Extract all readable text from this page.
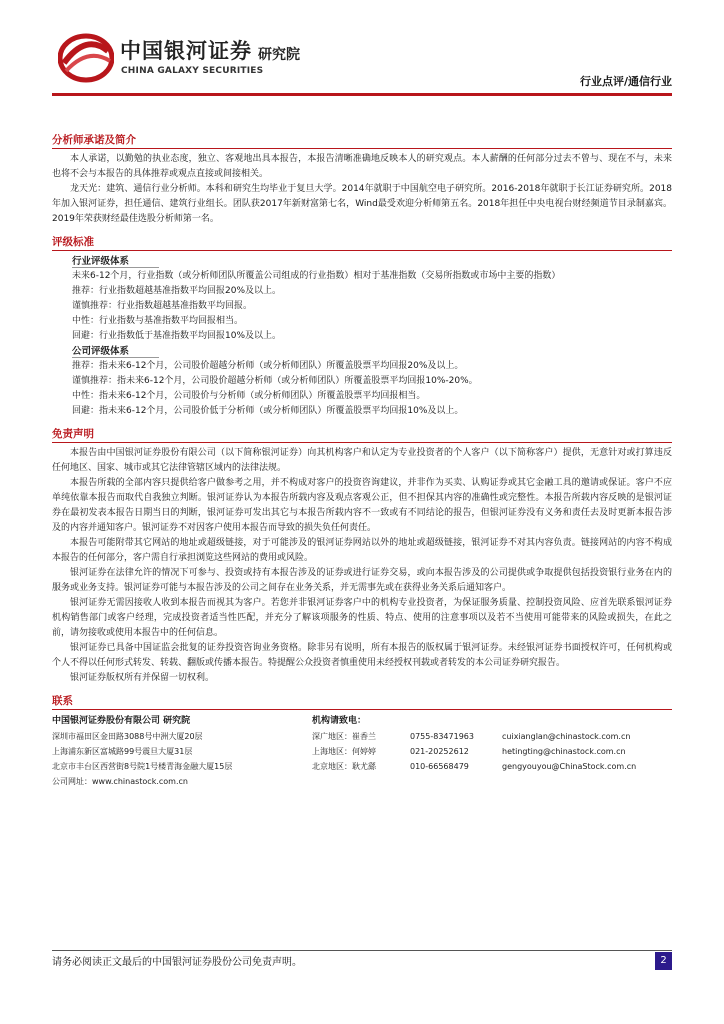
中国银河证券
CHINA GALAXY SECURITIES
研究院
行业点评/通信行业
分析师承诺及简介

本人承诺，以勤勉的执业态度，独立、客观地出具本报告，本报告清晰准确地反映本人的研究观点。本人薪酬的任何部分过去不曾与、现在不与，未来也将不会与本报告的具体推荐或观点直接或间接相关。

龙天光：建筑、通信行业分析师。本科和研究生均毕业于复旦大学。2014年就职于中国航空电子研究所。2016-2018年就职于长江证券研究所。2018年加入银河证券，担任通信、建筑行业组长。团队获2017年新财富第七名，Wind最受欢迎分析师第五名。2018年担任中央电视台财经频道节目录制嘉宾。2019年荣获财经最佳选股分析师第一名。

评级标准

行业评级体系

未来6-12个月，行业指数（或分析师团队所覆盖公司组成的行业指数）相对于基准指数（交易所指数或市场中主要的指数）

推荐：行业指数超越基准指数平均回报20%及以上。

谨慎推荐：行业指数超越基准指数平均回报。

中性：行业指数与基准指数平均回报相当。

回避：行业指数低于基准指数平均回报10%及以上。

公司评级体系

推荐：指未来6-12个月，公司股价超越分析师（或分析师团队）所覆盖股票平均回报20%及以上。

谨慎推荐：指未来6-12个月，公司股价超越分析师（或分析师团队）所覆盖股票平均回报10%-20%。

中性：指未来6-12个月，公司股价与分析师（或分析师团队）所覆盖股票平均回报相当。

回避：指未来6-12个月，公司股价低于分析师（或分析师团队）所覆盖股票平均回报10%及以上。

免责声明

本报告由中国银河证券股份有限公司（以下简称银河证券）向其机构客户和认定为专业投资者的个人客户（以下简称客户）提供，无意针对或打算违反任何地区、国家、城市或其它法律管辖区域内的法律法规。

本报告所载的全部内容只提供给客户做参考之用，并不构成对客户的投资咨询建议，并非作为买卖、认购证券或其它金融工具的邀请或保证。客户不应单纯依靠本报告而取代自我独立判断。银河证券认为本报告所载内容及观点客观公正，但不担保其内容的准确性或完整性。本报告所载内容反映的是银河证券在最初发表本报告日期当日的判断，银河证券可发出其它与本报告所载内容不一致或有不同结论的报告，但银河证券没有义务和责任去及时更新本报告涉及的内容并通知客户。银河证券不对因客户使用本报告而导致的损失负任何责任。

本报告可能附带其它网站的地址或超级链接，对于可能涉及的银河证券网站以外的地址或超级链接，银河证券不对其内容负责。链接网站的内容不构成本报告的任何部分，客户需自行承担浏览这些网站的费用或风险。

银河证券在法律允许的情况下可参与、投资或持有本报告涉及的证券或进行证券交易，或向本报告涉及的公司提供或争取提供包括投资银行业务在内的服务或业务支持。银河证券可能与本报告涉及的公司之间存在业务关系，并无需事先或在获得业务关系后通知客户。

银河证券无需因接收人收到本报告而视其为客户。若您并非银河证券客户中的机构专业投资者，为保证服务质量、控制投资风险、应首先联系银河证券机构销售部门或客户经理，完成投资者适当性匹配，并充分了解该项服务的性质、特点、使用的注意事项以及若不当使用可能带来的风险或损失，在此之前，请勿接收或使用本报告中的任何信息。

银河证券已具备中国证监会批复的证券投资咨询业务资格。除非另有说明，所有本报告的版权属于银河证券。未经银河证券书面授权许可，任何机构或个人不得以任何形式转发、转载、翻版或传播本报告。特提醒公众投资者慎重使用未经授权刊载或者转发的本公司证券研究报告。

银河证券版权所有并保留一切权利。

联系

中国银河证券股份有限公司 研究院

深圳市福田区金田路3088号中洲大厦20层

上海浦东新区富城路99号震旦大厦31层

北京市丰台区西营街8号院1号楼青海金融大厦15层

公司网址：www.chinastock.com.cn

机构请致电：

深广地区：崔香兰	0755-83471963	cuixianglan@chinastock.com.cn

上海地区：何婷婷	021-20252612	hetingting@chinastock.com.cn

北京地区：耿尤繇	010-66568479	gengyouyou@ChinaStock.com.cn

请务必阅读正文最后的中国银河证券股份公司免责声明。	2
